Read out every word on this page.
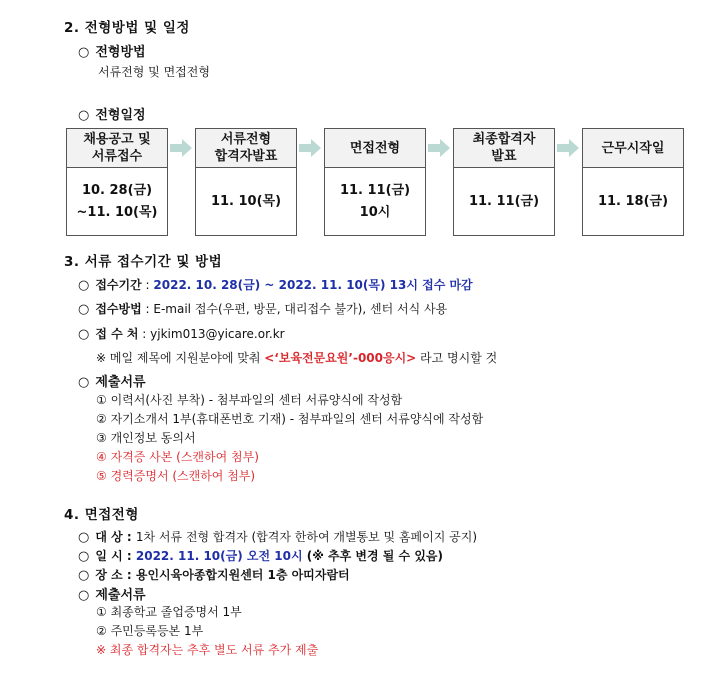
2. 전형방법 및 일정
○ 전형방법
서류전형 및 면접전형
○ 전형일정
채용공고 및
서류접수
10. 28(금)
~11. 10(목)
서류전형
합격자발표
11. 10(목)
면접전형
11. 11(금)
10시
최종합격자
발표
11. 11(금)
근무시작일
11. 18(금)
3. 서류 접수기간 및 방법
○ 접수기간 : 2022. 10. 28(금) ~ 2022. 11. 10(목) 13시 접수 마감
○ 접수방법 : E-mail 접수(우편, 방문, 대리접수 불가), 센터 서식 사용
○ 접 수 처 : yjkim013@yicare.or.kr
※ 메일 제목에 지원분야에 맞춰 <‘보육전문요원’-000응시> 라고 명시할 것
○ 제출서류
① 이력서(사진 부착) - 첨부파일의 센터 서류양식에 작성함
② 자기소개서 1부(휴대폰번호 기재) - 첨부파일의 센터 서류양식에 작성함
③ 개인정보 동의서
④ 자격증 사본 (스캔하여 첨부)
⑤ 경력증명서 (스캔하여 첨부)
4. 면접전형
○ 대 상 : 1차 서류 전형 합격자 (합격자 한하여 개별통보 및 홈페이지 공지)
○ 일 시 : 2022. 11. 10(금) 오전 10시 (※ 추후 변경 될 수 있음)
○ 장 소 : 용인시육아종합지원센터 1층 아띠자람터
○ 제출서류
① 최종학교 졸업증명서 1부
② 주민등록등본 1부
※ 최종 합격자는 추후 별도 서류 추가 제출
